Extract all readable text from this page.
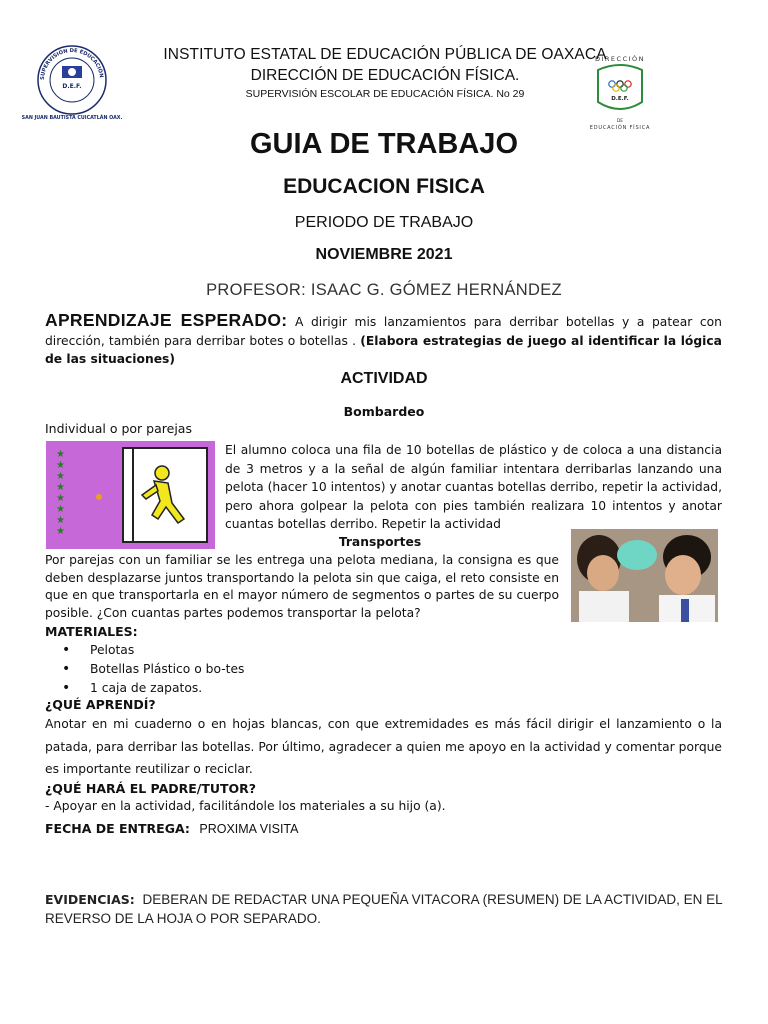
SUPERVISIÓN DE EDUCACIÓN
D.E.F.
SAN JUAN BAUTISTA CUICATLÁN OAX.
DIRECCIÓN
D.E.F.
DE
EDUCACIÓN FÍSICA
INSTITUTO ESTATAL DE EDUCACIÓN PÚBLICA DE OAXACA
DIRECCIÓN DE EDUCACIÓN FÍSICA.
SUPERVISIÓN ESCOLAR DE EDUCACIÓN FÍSICA. No 29
GUIA DE TRABAJO
EDUCACION FISICA
PERIODO DE TRABAJO
NOVIEMBRE 2021
PROFESOR: ISAAC G. GÓMEZ HERNÁNDEZ
APRENDIZAJE ESPERADO: A dirigir mis lanzamientos para derribar botellas y a patear con dirección, también para derribar botes o botellas . (Elabora estrategias de juego al identificar la lógica de las situaciones)
ACTIVIDAD
Bombardeo
Individual o por parejas
★
★
★
★
★
★
★
★
El alumno coloca una fila de 10 botellas de plástico y de coloca a una distancia de 3 metros y a la señal de algún familiar intentara derribarlas lanzando una pelota (hacer 10 intentos) y anotar cuantas botellas derribo, repetir la actividad, pero ahora golpear la pelota con pies también realizara 10 intentos y anotar cuantas botellas derribo. Repetir la actividad
Transportes
Por parejas con un familiar se les entrega una pelota mediana, la consigna es que deben desplazarse juntos transportando la pelota sin que caiga, el reto consiste en que en que transportarla en el mayor número de segmentos o partes de su cuerpo posible. ¿Con cuantas partes podemos transportar la pelota?
MATERIALES:
• Pelotas
• Botellas Plástico o bo-tes
• 1 caja de zapatos.
¿QUÉ APRENDÍ?
Anotar en mi cuaderno o en hojas blancas, con que extremidades es más fácil dirigir el lanzamiento o la patada, para derribar las botellas. Por último, agradecer a quien me apoyo en la actividad y comentar porque es importante reutilizar o reciclar.
¿QUÉ HARÁ EL PADRE/TUTOR?
- Apoyar en la actividad, facilitándole los materiales a su hijo (a).
FECHA DE ENTREGA: PROXIMA VISITA
EVIDENCIAS: DEBERAN DE REDACTAR UNA PEQUEÑA VITACORA (RESUMEN) DE LA ACTIVIDAD, EN EL REVERSO DE LA HOJA O POR SEPARADO.
